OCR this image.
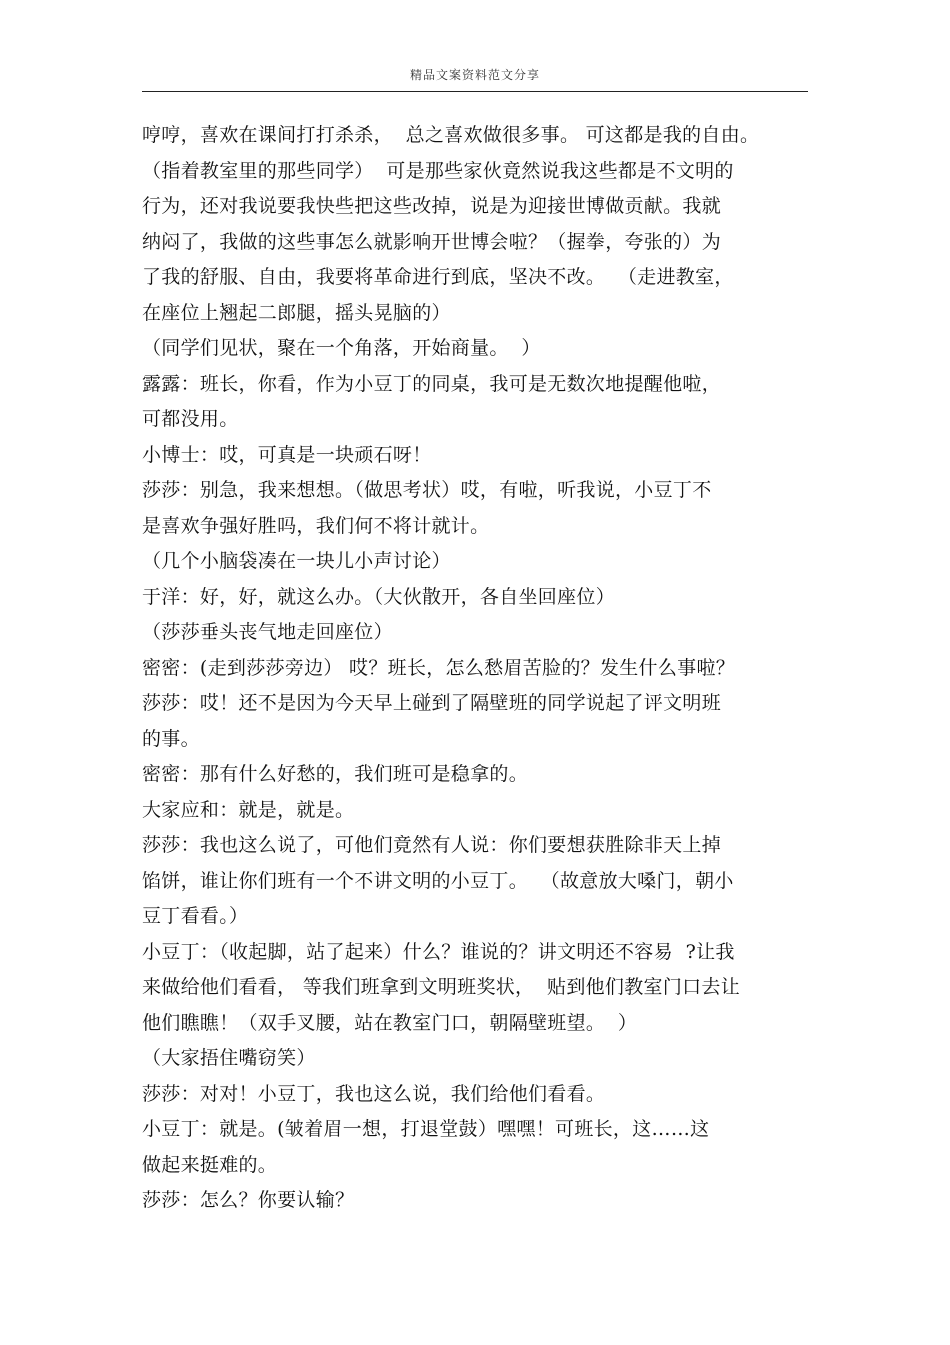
精品文案资料范文分享
哼哼，喜欢在课间打打杀杀，  总之喜欢做很多事。 可这都是我的自由。
（指着教室里的那些同学）  可是那些家伙竟然说我这些都是不文明的
行为，还对我说要我快些把这些改掉，说是为迎接世博做贡献。我就
纳闷了，我做的这些事怎么就影响开世博会啦？（握拳，夸张的）为
了我的舒服、自由，我要将革命进行到底，坚决不改。  （走进教室，
在座位上翘起二郎腿，摇头晃脑的）
（同学们见状，聚在一个角落，开始商量。  ）
露露：班长，你看，作为小豆丁的同桌，我可是无数次地提醒他啦，
可都没用。
小博士：哎，可真是一块顽石呀！
莎莎：别急，我来想想。（做思考状）哎，有啦，听我说，小豆丁不
是喜欢争强好胜吗，我们何不将计就计。
（几个小脑袋凑在一块儿小声讨论）
于洋：好，好，就这么办。（大伙散开，各自坐回座位）
（莎莎垂头丧气地走回座位）
密密：(走到莎莎旁边） 哎？班长，怎么愁眉苦脸的？发生什么事啦？
莎莎：哎！还不是因为今天早上碰到了隔壁班的同学说起了评文明班
的事。
密密：那有什么好愁的，我们班可是稳拿的。
大家应和：就是，就是。
莎莎：我也这么说了，可他们竟然有人说：你们要想获胜除非天上掉
馅饼，谁让你们班有一个不讲文明的小豆丁。  （故意放大嗓门，朝小
豆丁看看。）
小豆丁：（收起脚，站了起来）什么？谁说的？讲文明还不容易  ?让我
来做给他们看看， 等我们班拿到文明班奖状，  贴到他们教室门口去让
他们瞧瞧！（双手叉腰，站在教室门口，朝隔壁班望。  ）
（大家捂住嘴窃笑）
莎莎：对对！小豆丁，我也这么说，我们给他们看看。
小豆丁：就是。(皱着眉一想，打退堂鼓）嘿嘿！可班长，这……这
做起来挺难的。
莎莎：怎么？你要认输？
